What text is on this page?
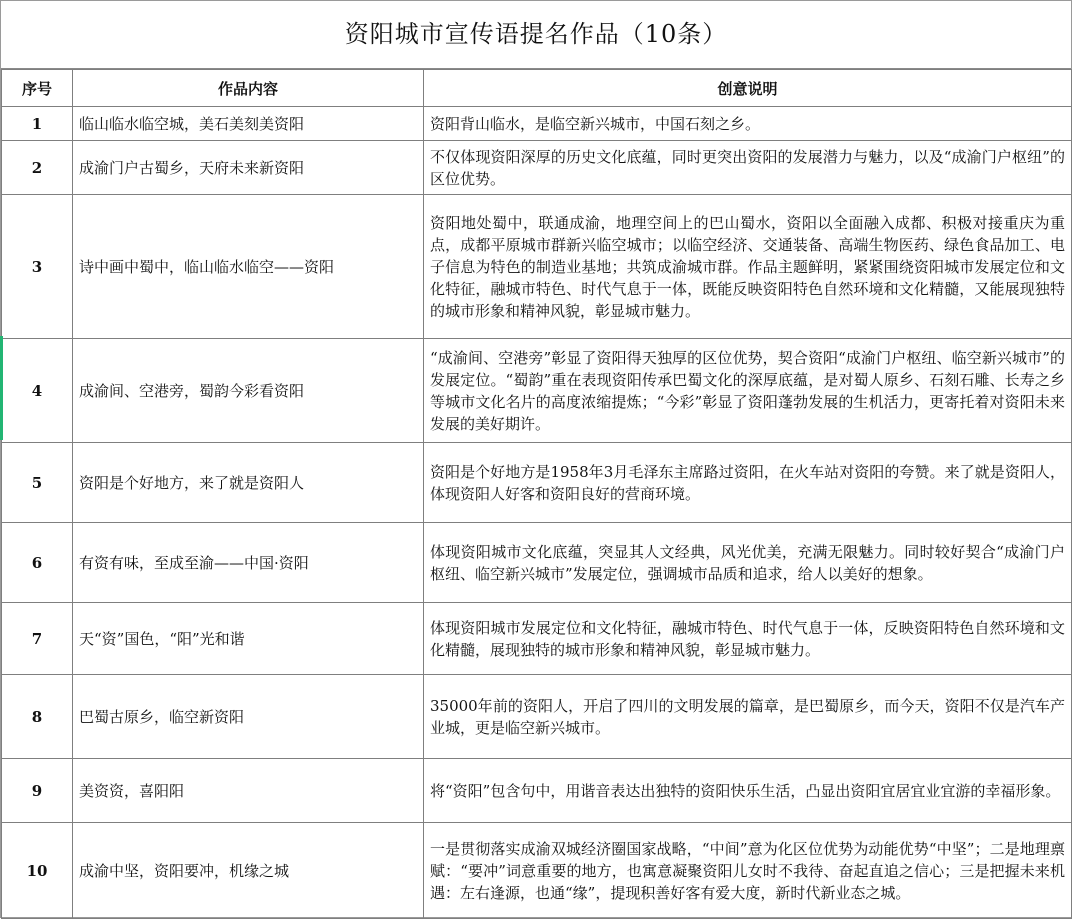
资阳城市宣传语提名作品（10条）
序号	作品内容	创意说明
1	临山临水临空城，美石美刻美资阳	资阳背山临水，是临空新兴城市，中国石刻之乡。
2	成渝门户古蜀乡，天府未来新资阳	不仅体现资阳深厚的历史文化底蕴，同时更突出资阳的发展潜力与魅力，以及“成渝门户枢纽”的区位优势。
3	诗中画中蜀中，临山临水临空——资阳	资阳地处蜀中，联通成渝，地理空间上的巴山蜀水，资阳以全面融入成都、积极对接重庆为重点，成都平原城市群新兴临空城市；以临空经济、交通装备、高端生物医药、绿色食品加工、电子信息为特色的制造业基地；共筑成渝城市群。作品主题鲜明，紧紧围绕资阳城市发展定位和文化特征，融城市特色、时代气息于一体，既能反映资阳特色自然环境和文化精髓，又能展现独特的城市形象和精神风貌，彰显城市魅力。
4	成渝间、空港旁，蜀韵今彩看资阳	“成渝间、空港旁”彰显了资阳得天独厚的区位优势，契合资阳“成渝门户枢纽、临空新兴城市”的发展定位。“蜀韵”重在表现资阳传承巴蜀文化的深厚底蕴，是对蜀人原乡、石刻石雕、长寿之乡等城市文化名片的高度浓缩提炼；“今彩”彰显了资阳蓬勃发展的生机活力，更寄托着对资阳未来发展的美好期许。
5	资阳是个好地方，来了就是资阳人	资阳是个好地方是1958年3月毛泽东主席路过资阳，在火车站对资阳的夸赞。来了就是资阳人，体现资阳人好客和资阳良好的营商环境。
6	有资有味，至成至渝——中国·资阳	体现资阳城市文化底蕴，突显其人文经典，风光优美，充满无限魅力。同时较好契合“成渝门户枢纽、临空新兴城市”发展定位，强调城市品质和追求，给人以美好的想象。
7	天“资”国色，“阳”光和谐	体现资阳城市发展定位和文化特征，融城市特色、时代气息于一体，反映资阳特色自然环境和文化精髓，展现独特的城市形象和精神风貌，彰显城市魅力。
8	巴蜀古原乡，临空新资阳	35000年前的资阳人，开启了四川的文明发展的篇章，是巴蜀原乡，而今天，资阳不仅是汽车产业城，更是临空新兴城市。
9	美资资，喜阳阳	将“资阳”包含句中，用谐音表达出独特的资阳快乐生活，凸显出资阳宜居宜业宜游的幸福形象。
10	成渝中坚，资阳要冲，机缘之城	一是贯彻落实成渝双城经济圈国家战略，“中间”意为化区位优势为动能优势“中坚”；二是地理禀赋：“要冲”词意重要的地方，也寓意凝聚资阳儿女时不我待、奋起直追之信心；三是把握未来机遇：左右逢源，也通“缘”，提现积善好客有爱大度，新时代新业态之城。
